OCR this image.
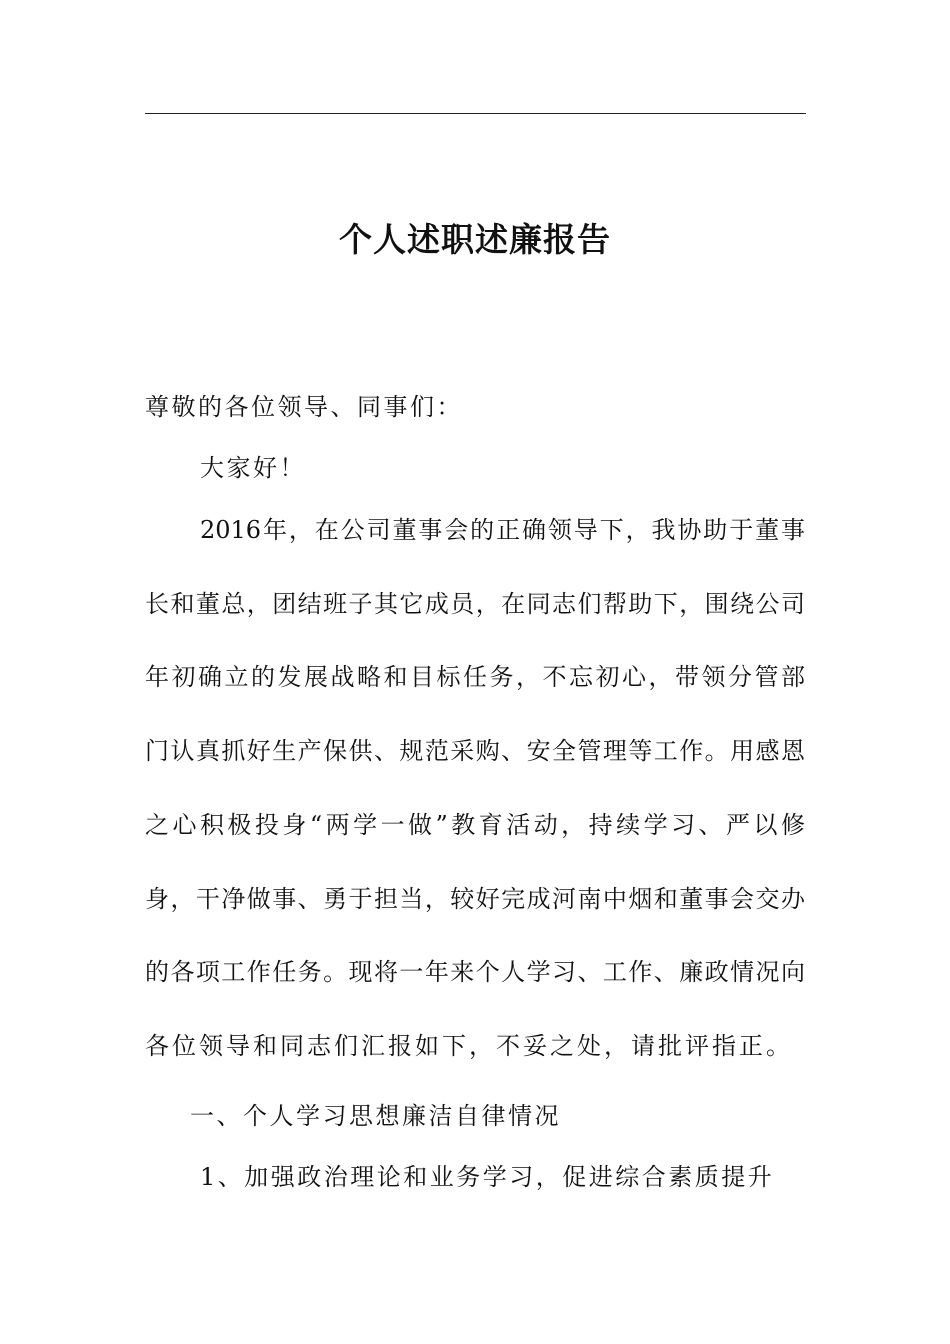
个人述职述廉报告
尊敬的各位领导、同事们：
大家好！
2016年，在公司董事会的正确领导下，我协助于董事
长和董总，团结班子其它成员，在同志们帮助下，围绕公司
年初确立的发展战略和目标任务，不忘初心，带领分管部
门认真抓好生产保供、规范采购、安全管理等工作。用感恩
之心积极投身“两学一做”教育活动，持续学习、严以修
身，干净做事、勇于担当，较好完成河南中烟和董事会交办
的各项工作任务。现将一年来个人学习、工作、廉政情况向
各位领导和同志们汇报如下，不妥之处，请批评指正。
一、个人学习思想廉洁自律情况
1、加强政治理论和业务学习，促进综合素质提升
